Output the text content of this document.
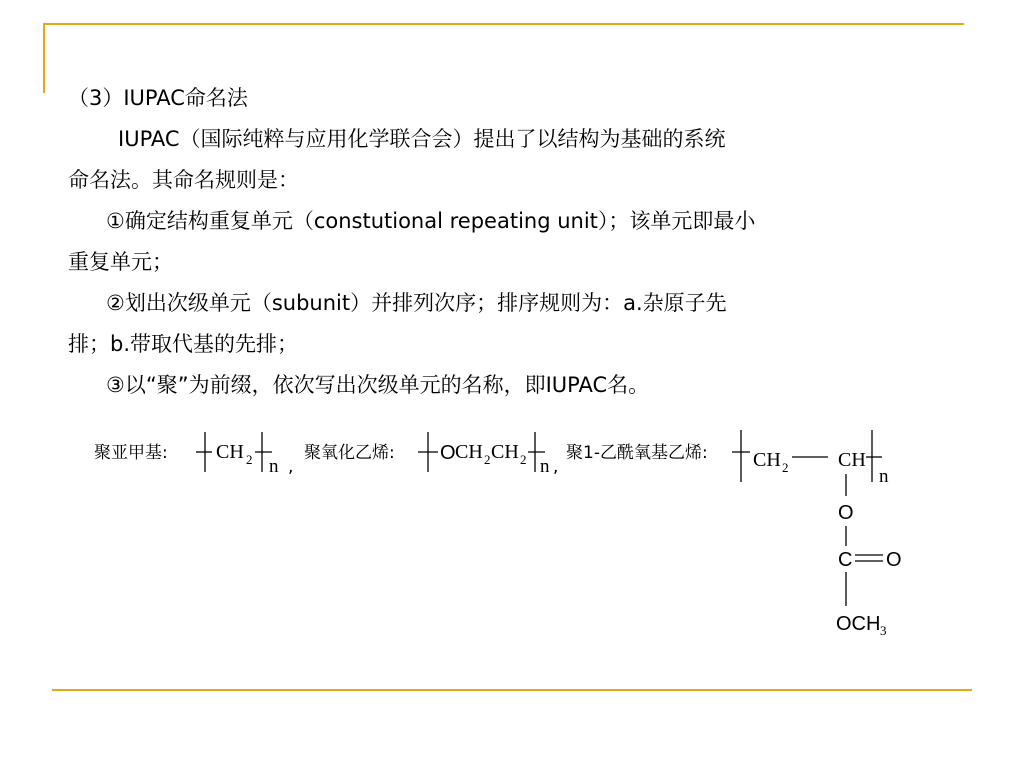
（3）IUPAC命名法

IUPAC（国际纯粹与应用化学联合会）提出了以结构为基础的系统

命名法。其命名规则是：

①确定结构重复单元（constutional repeating unit）；该单元即最小

重复单元；

②划出次级单元（subunit）并排列次序；排序规则为：a.杂原子先

排；b.带取代基的先排；

③以“聚”为前缀，依次写出次级单元的名称，即IUPAC名。

聚亚甲基: CH 2 n ,
聚氧化乙烯: O CH 2 CH 2 n ,
聚1-乙酰氧基乙烯: CH 2 CH
n
O
C O
OCH 3
